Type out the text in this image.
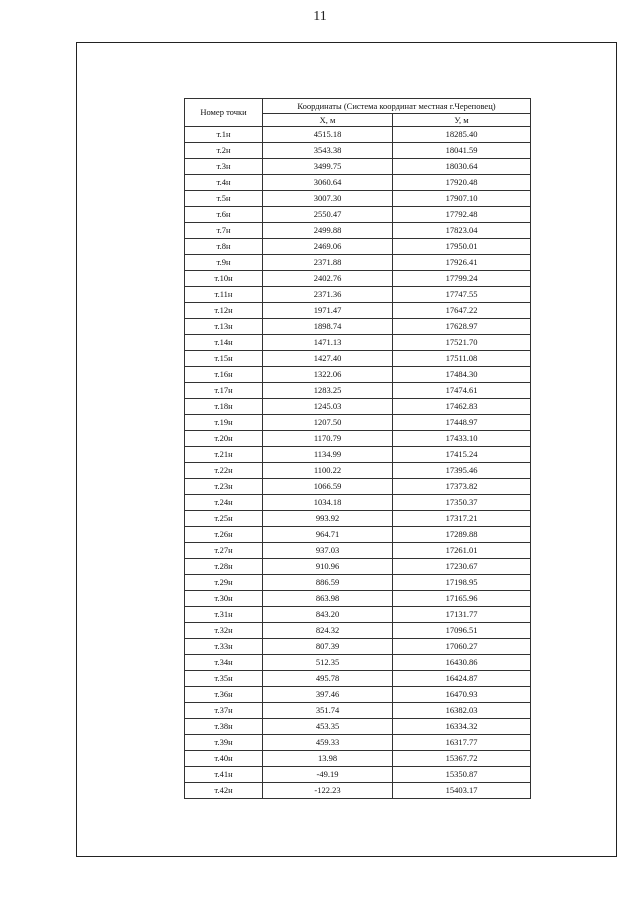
11
Номер точки	Координаты (Система координат местная г.Череповец)	
	Х, м	У, м
т.1н	4515.18	18285.40
т.2н	3543.38	18041.59
т.3н	3499.75	18030.64
т.4н	3060.64	17920.48
т.5н	3007.30	17907.10
т.6н	2550.47	17792.48
т.7н	2499.88	17823.04
т.8н	2469.06	17950.01
т.9н	2371.88	17926.41
т.10н	2402.76	17799.24
т.11н	2371.36	17747.55
т.12н	1971.47	17647.22
т.13н	1898.74	17628.97
т.14н	1471.13	17521.70
т.15н	1427.40	17511.08
т.16н	1322.06	17484.30
т.17н	1283.25	17474.61
т.18н	1245.03	17462.83
т.19н	1207.50	17448.97
т.20н	1170.79	17433.10
т.21н	1134.99	17415.24
т.22н	1100.22	17395.46
т.23н	1066.59	17373.82
т.24н	1034.18	17350.37
т.25н	993.92	17317.21
т.26н	964.71	17289.88
т.27н	937.03	17261.01
т.28н	910.96	17230.67
т.29н	886.59	17198.95
т.30н	863.98	17165.96
т.31н	843.20	17131.77
т.32н	824.32	17096.51
т.33н	807.39	17060.27
т.34н	512.35	16430.86
т.35н	495.78	16424.87
т.36н	397.46	16470.93
т.37н	351.74	16382.03
т.38н	453.35	16334.32
т.39н	459.33	16317.77
т.40н	13.98	15367.72
т.41н	-49.19	15350.87
т.42н	-122.23	15403.17
